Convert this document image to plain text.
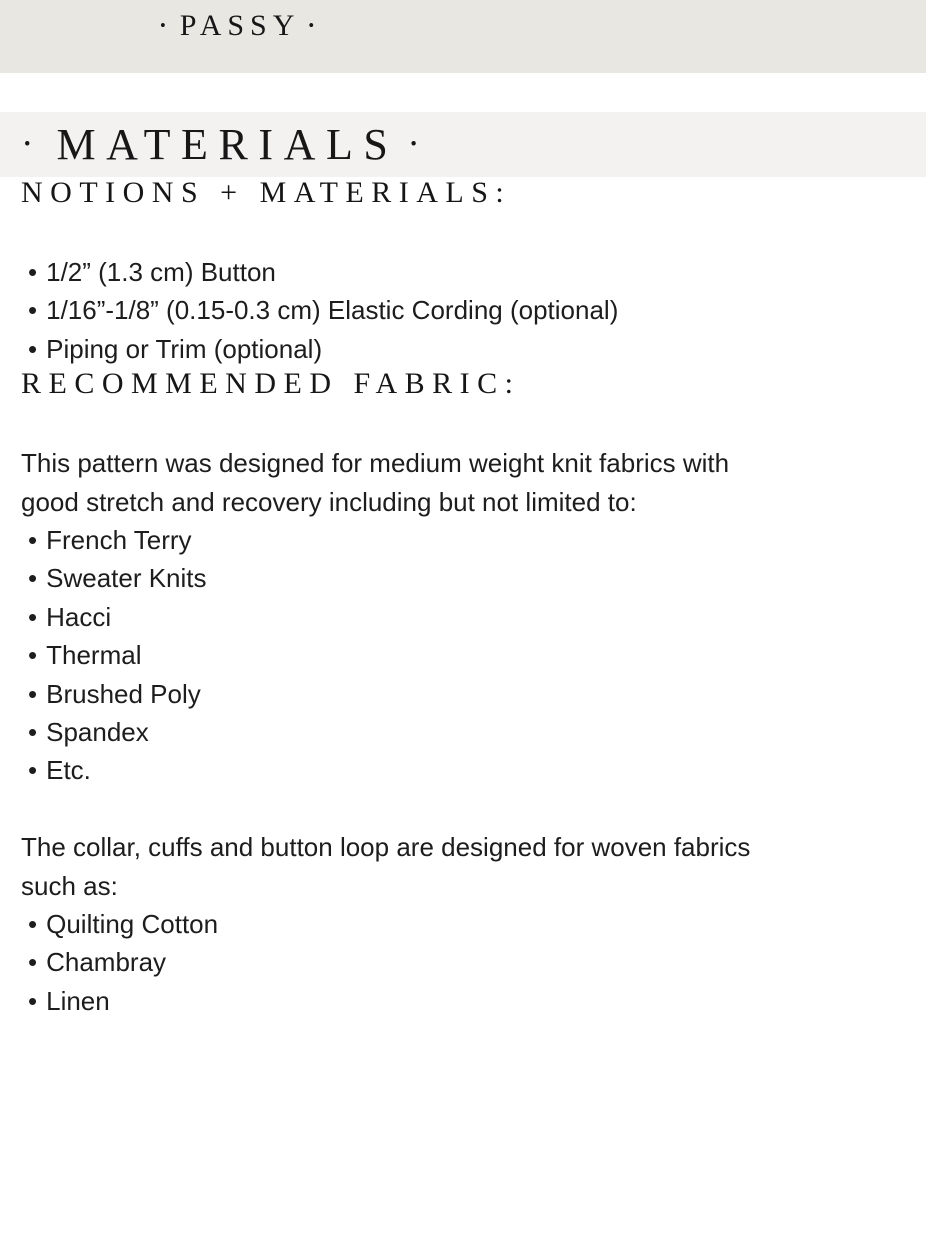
• PASSY •
• MATERIALS •
NOTIONS + MATERIALS:
• 1/2” (1.3 cm) Button
• 1/16”-1/8” (0.15-0.3 cm) Elastic Cording (optional)
• Piping or Trim (optional)
RECOMMENDED FABRIC:

This pattern was designed for medium weight knit fabrics with
good stretch and recovery including but not limited to:

• French Terry
• Sweater Knits
• Hacci
• Thermal
• Brushed Poly
• Spandex
• Etc.

The collar, cuffs and button loop are designed for woven fabrics
such as:

• Quilting Cotton
• Chambray
• Linen
